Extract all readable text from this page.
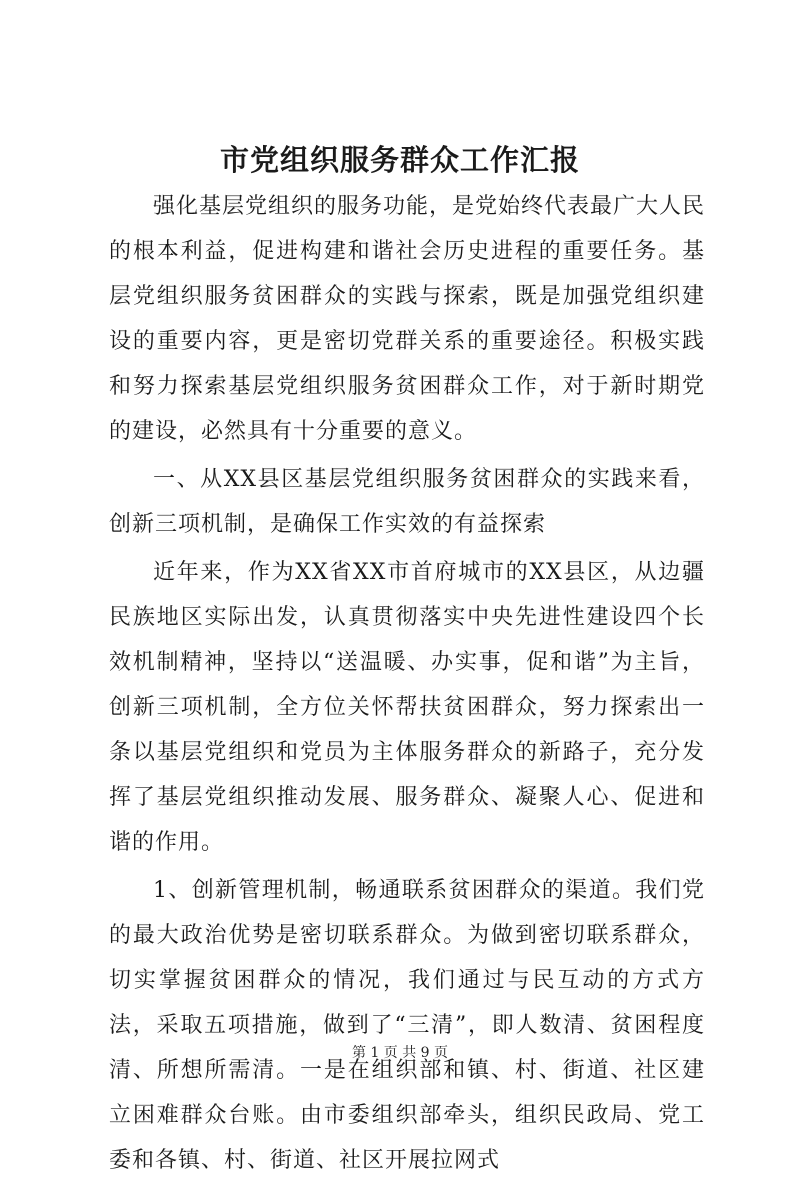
市党组织服务群众工作汇报

强化基层党组织的服务功能，是党始终代表最广大人民的根本利益，促进构建和谐社会历史进程的重要任务。基层党组织服务贫困群众的实践与探索，既是加强党组织建设的重要内容，更是密切党群关系的重要途径。积极实践和努力探索基层党组织服务贫困群众工作，对于新时期党的建设，必然具有十分重要的意义。

一、从XX县区基层党组织服务贫困群众的实践来看，创新三项机制，是确保工作实效的有益探索

近年来，作为XX省XX市首府城市的XX县区，从边疆民族地区实际出发，认真贯彻落实中央先进性建设四个长效机制精神，坚持以“送温暖、办实事，促和谐”为主旨，创新三项机制，全方位关怀帮扶贫困群众，努力探索出一条以基层党组织和党员为主体服务群众的新路子，充分发挥了基层党组织推动发展、服务群众、凝聚人心、促进和谐的作用。

1、创新管理机制，畅通联系贫困群众的渠道。我们党的最大政治优势是密切联系群众。为做到密切联系群众，切实掌握贫困群众的情况，我们通过与民互动的方式方法，采取五项措施，做到了“三清”，即人数清、贫困程度清、所想所需清。一是在组织部和镇、村、街道、社区建立困难群众台账。由市委组织部牵头，组织民政局、党工委和各镇、村、街道、社区开展拉网式

第 1 页 共 9 页
